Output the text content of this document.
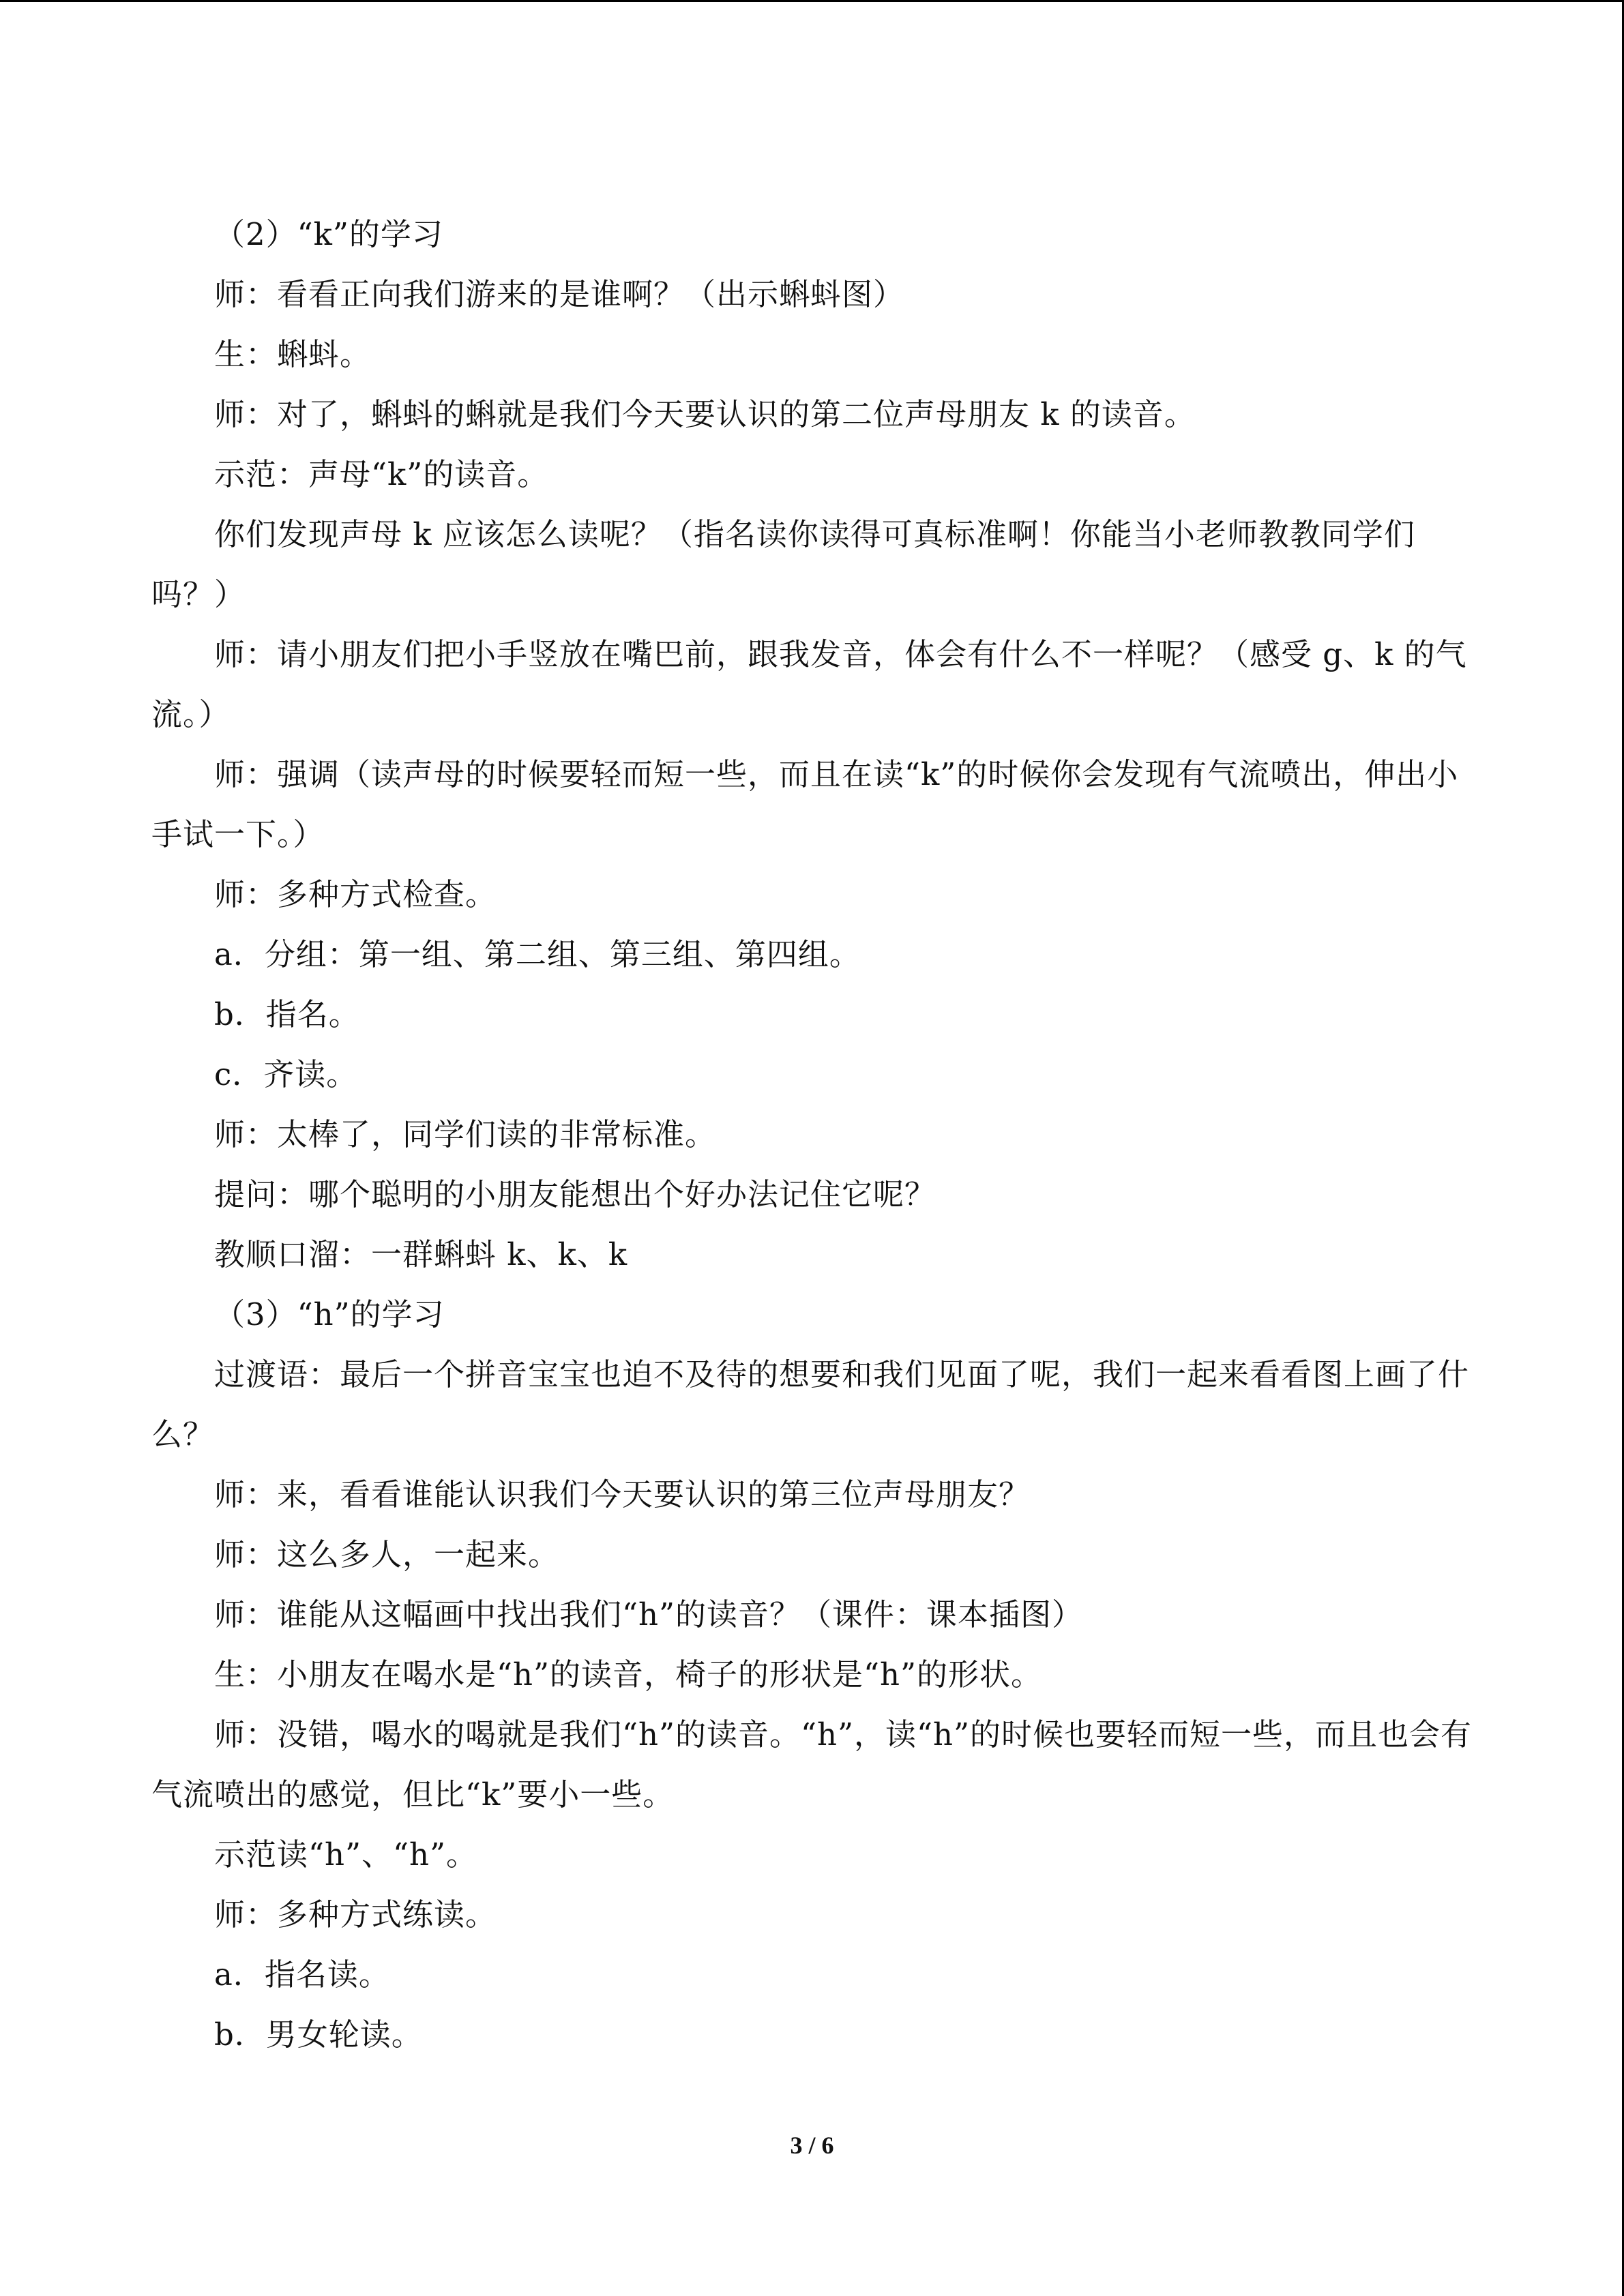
（2）“k”的学习

师：看看正向我们游来的是谁啊？（出示蝌蚪图）

生：蝌蚪。

师：对了，蝌蚪的蝌就是我们今天要认识的第二位声母朋友 k 的读音。

示范：声母“k”的读音。

你们发现声母 k 应该怎么读呢？（指名读你读得可真标准啊！你能当小老师教教同学们吗？）

师：请小朋友们把小手竖放在嘴巴前，跟我发音，体会有什么不一样呢？（感受 g、k 的气流。）

师：强调（读声母的时候要轻而短一些，而且在读“k”的时候你会发现有气流喷出，伸出小手试一下。）

师：多种方式检查。

a．分组：第一组、第二组、第三组、第四组。

b．指名。

c．齐读。

师：太棒了，同学们读的非常标准。

提问：哪个聪明的小朋友能想出个好办法记住它呢？

教顺口溜：一群蝌蚪 k、k、k

（3）“h”的学习

过渡语：最后一个拼音宝宝也迫不及待的想要和我们见面了呢，我们一起来看看图上画了什么？

师：来，看看谁能认识我们今天要认识的第三位声母朋友？

师：这么多人，一起来。

师：谁能从这幅画中找出我们“h”的读音？（课件：课本插图）

生：小朋友在喝水是“h”的读音，椅子的形状是“h”的形状。

师：没错，喝水的喝就是我们“h”的读音。“h”，读“h”的时候也要轻而短一些，而且也会有气流喷出的感觉，但比“k”要小一些。

示范读“h”、“h”。

师：多种方式练读。

a．指名读。

b．男女轮读。

3 / 6
